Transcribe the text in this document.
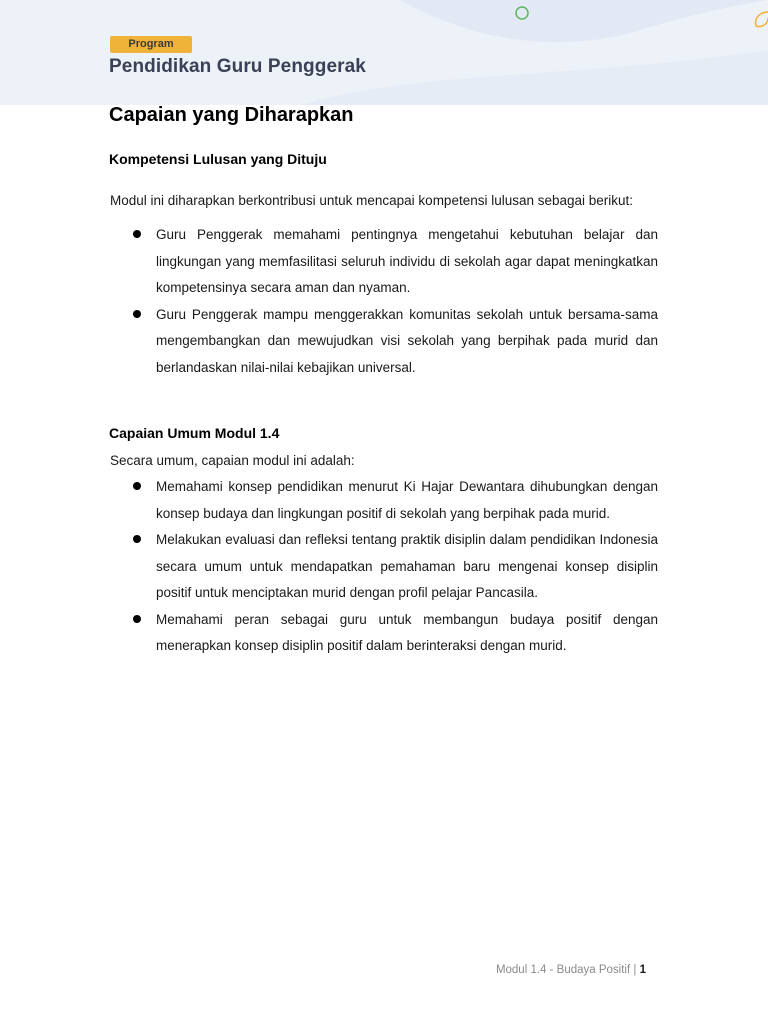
Program
Pendidikan Guru Penggerak
Capaian yang Diharapkan
Kompetensi Lulusan yang Dituju

Modul ini diharapkan berkontribusi untuk mencapai kompetensi lulusan sebagai berikut:

Guru Penggerak memahami pentingnya mengetahui kebutuhan belajar dan lingkungan yang memfasilitasi seluruh individu di sekolah agar dapat meningkatkan kompetensinya secara aman dan nyaman.
Guru Penggerak mampu menggerakkan komunitas sekolah untuk bersama-sama mengembangkan dan mewujudkan visi sekolah yang berpihak pada murid dan berlandaskan nilai-nilai kebajikan universal.
Capaian Umum Modul 1.4

Secara umum, capaian modul ini adalah:

Memahami konsep pendidikan menurut Ki Hajar Dewantara dihubungkan dengan konsep budaya dan lingkungan positif di sekolah yang berpihak pada murid.
Melakukan evaluasi dan refleksi tentang praktik disiplin dalam pendidikan Indonesia secara umum untuk mendapatkan pemahaman baru mengenai konsep disiplin positif untuk menciptakan murid dengan profil pelajar Pancasila.
Memahami peran sebagai guru untuk membangun budaya positif dengan menerapkan konsep disiplin positif dalam berinteraksi dengan murid.
Modul 1.4 - Budaya Positif | 1
